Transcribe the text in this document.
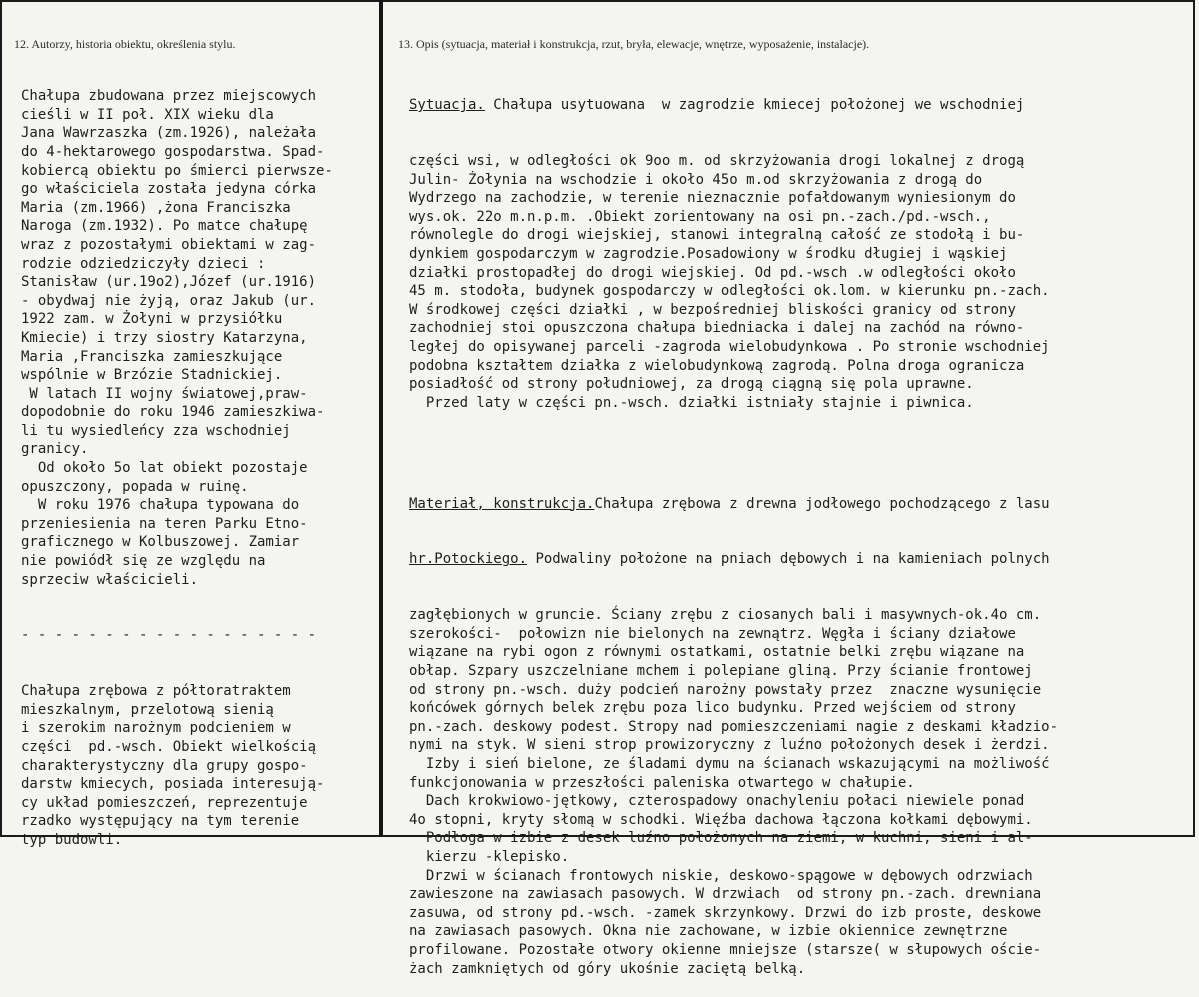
12. Autorzy, historia obiektu, określenia stylu.	13. Opis (sytuacja, materiał i konstrukcja, rzut, bryła, elewacje, wnętrze, wyposażenie, instalacje).

Chałupa zbudowana przez miejscowych
cieśli w II poł. XIX wieku dla
Jana Wawrzaszka (zm.1926), należała
do 4-hektarowego gospodarstwa. Spad-
kobiercą obiektu po śmierci pierwsze-
go właściciela została jedyna córka
Maria (zm.1966) ,żona Franciszka
Naroga (zm.1932). Po matce chałupę
wraz z pozostałymi obiektami w zag-
rodzie odziedziczyły dzieci :
Stanisław (ur.19o2),Józef (ur.1916)
- obydwaj nie żyją, oraz Jakub (ur.
1922 zam. w Żołyni w przysiółku
Kmiecie) i trzy siostry Katarzyna,
Maria ,Franciszka zamieszkujące
wspólnie w Brzózie Stadnickiej.
W latach II wojny światowej,praw-
dopodobnie do roku 1946 zamieszkiwa-
li tu wysiedleńcy zza wschodniej
granicy.
Od około 5o lat obiekt pozostaje
opuszczony, popada w ruinę.
W roku 1976 chałupa typowana do
przeniesienia na teren Parku Etno-
graficznego w Kolbuszowej. Zamiar
nie powiódł się ze względu na
sprzeciw właścicieli.

- - - - - - - - - - - - - - - - - -

Chałupa zrębowa z półtoratraktem
mieszkalnym, przelotową sienią
i szerokim narożnym podcieniem w
części  pd.-wsch. Obiekt wielkością
charakterystyczny dla grupy gospo-
darstw kmiecych, posiada interesują-
cy układ pomieszczeń, reprezentuje
rzadko występujący na tym terenie
typ budowli.

Sytuacja. Chałupa usytuowana  w zagrodzie kmiecej położonej we wschodniej

części wsi, w odległości ok 9oo m. od skrzyżowania drogi lokalnej z drogą
Julin- Żołynia na wschodzie i około 45o m.od skrzyżowania z drogą do
Wydrzego na zachodzie, w terenie nieznacznie pofałdowanym wyniesionym do
wys.ok. 22o m.n.p.m. .Obiekt zorientowany na osi pn.-zach./pd.-wsch.,
równolegle do drogi wiejskiej, stanowi integralną całość ze stodołą i bu-
dynkiem gospodarczym w zagrodzie.Posadowiony w środku długiej i wąskiej
działki prostopadłej do drogi wiejskiej. Od pd.-wsch .w odległości około
45 m. stodoła, budynek gospodarczy w odległości ok.lom. w kierunku pn.-zach.
W środkowej części działki , w bezpośredniej bliskości granicy od strony
zachodniej stoi opuszczona chałupa biedniacka i dalej na zachód na równo-
ległej do opisywanej parceli -zagroda wielobudynkowa . Po stronie wschodniej
podobna kształtem działka z wielobudynkową zagrodą. Polna droga ogranicza
posiadłość od strony południowej, za drogą ciągną się pola uprawne.
Przed laty w części pn.-wsch. działki istniały stajnie i piwnica.

Materiał, konstrukcja.Chałupa zrębowa z drewna jodłowego pochodzącego z lasu

hr.Potockiego. Podwaliny położone na pniach dębowych i na kamieniach polnych

zagłębionych w gruncie. Ściany zrębu z ciosanych bali i masywnych-ok.4o cm.
szerokości-  połowizn nie bielonych na zewnątrz. Węgła i ściany działowe
wiązane na rybi ogon z równymi ostatkami, ostatnie belki zrębu wiązane na
obłap. Szpary uszczelniane mchem i polepiane gliną. Przy ścianie frontowej
od strony pn.-wsch. duży podcień narożny powstały przez  znaczne wysunięcie
końcówek górnych belek zrębu poza lico budynku. Przed wejściem od strony
pn.-zach. deskowy podest. Stropy nad pomieszczeniami nagie z deskami kładzio-
nymi na styk. W sieni strop prowizoryczny z luźno położonych desek i żerdzi.
Izby i sień bielone, ze śladami dymu na ścianach wskazującymi na możliwość
funkcjonowania w przeszłości paleniska otwartego w chałupie.
Dach krokwiowo-jętkowy, czterospadowy onachyleniu połaci niewiele ponad
4o stopni, kryty słomą w schodki. Więźba dachowa łączona kołkami dębowymi.
Podłoga w izbie z desek luźno położonych na ziemi, w kuchni, sieni i al-
kierzu -klepisko.
Drzwi w ścianach frontowych niskie, deskowo-spągowe w dębowych odrzwiach
zawieszone na zawiasach pasowych. W drzwiach  od strony pn.-zach. drewniana
zasuwa, od strony pd.-wsch. -zamek skrzynkowy. Drzwi do izb proste, deskowe
na zawiasach pasowych. Okna nie zachowane, w izbie okiennice zewnętrzne
profilowane. Pozostałe otwory okienne mniejsze (starsze( w słupowych oście-
żach zamkniętych od góry ukośnie zaciętą belką.
